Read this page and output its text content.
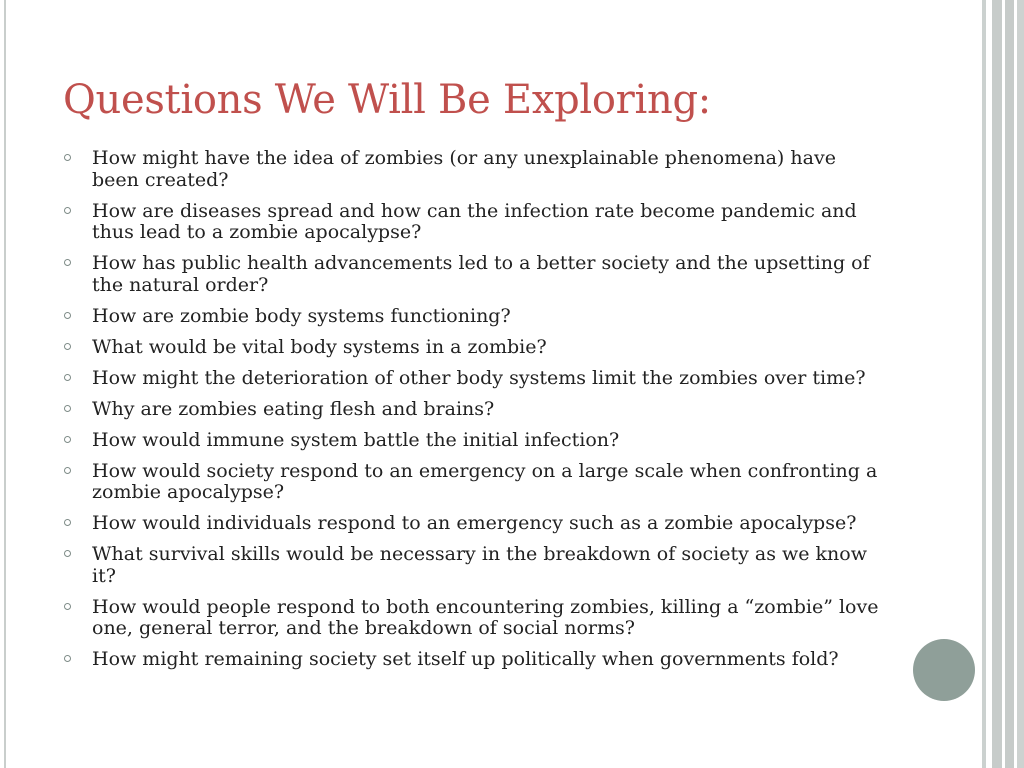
Questions We Will Be Exploring:
How might have the idea of zombies (or any unexplainable phenomena) have been created?
How are diseases spread and how can the infection rate become pandemic and thus lead to a zombie apocalypse?
How has public health advancements led to a better society and the upsetting of the natural order?
How are zombie body systems functioning?
What would be vital body systems in a zombie?
How might the deterioration of other body systems limit the zombies over time?
Why are zombies eating flesh and brains?
How would immune system battle the initial infection?
How would society respond to an emergency on a large scale when confronting a zombie apocalypse?
How would individuals respond to an emergency such as a zombie apocalypse?
What survival skills would be necessary in the breakdown of society as we know it?
How would people respond to both encountering zombies, killing a “zombie” love one, general terror, and the breakdown of social norms?
How might remaining society set itself up politically when governments fold?
